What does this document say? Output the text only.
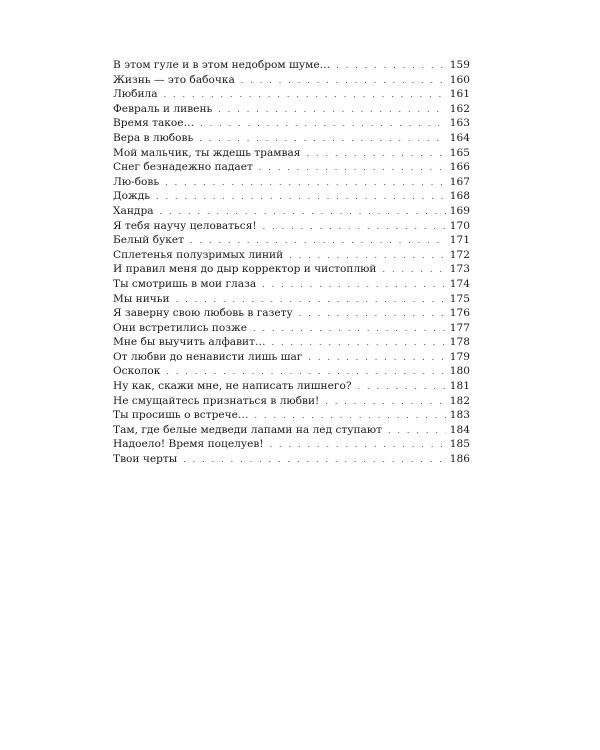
В этом гуле и в этом недобром шуме… . . .	159
Жизнь — это бабочка . . .	160
Любила . . .	161
Февраль и ливень . . .	162
Время такое… . . .	163
Вера в любовь . . .	164
Мой мальчик, ты ждешь трамвая . . .	165
Снег безнадежно падает . . .	166
Лю-бовь . . .	167
Дождь . . .	168
Хандра . . .	169
Я тебя научу целоваться! . . .	170
Белый букет . . .	171
Сплетенья полузримых линий . . .	172
И правил меня до дыр корректор и чистоплюй . . .	173
Ты смотришь в мои глаза . . .	174
Мы ничьи . . .	175
Я заверну свою любовь в газету . . .	176
Они встретились позже . . .	177
Мне бы выучить алфавит… . . .	178
От любви до ненависти лишь шаг . . .	179
Осколок . . .	180
Ну как, скажи мне, не написать лишнего? . . .	181
Не смущайтесь признаться в любви! . . .	182
Ты просишь о встрече… . . .	183
Там, где белые медведи лапами на лед ступают . . .	184
Надоело! Время поцелуев! . . .	185
Твои черты . . .	186
